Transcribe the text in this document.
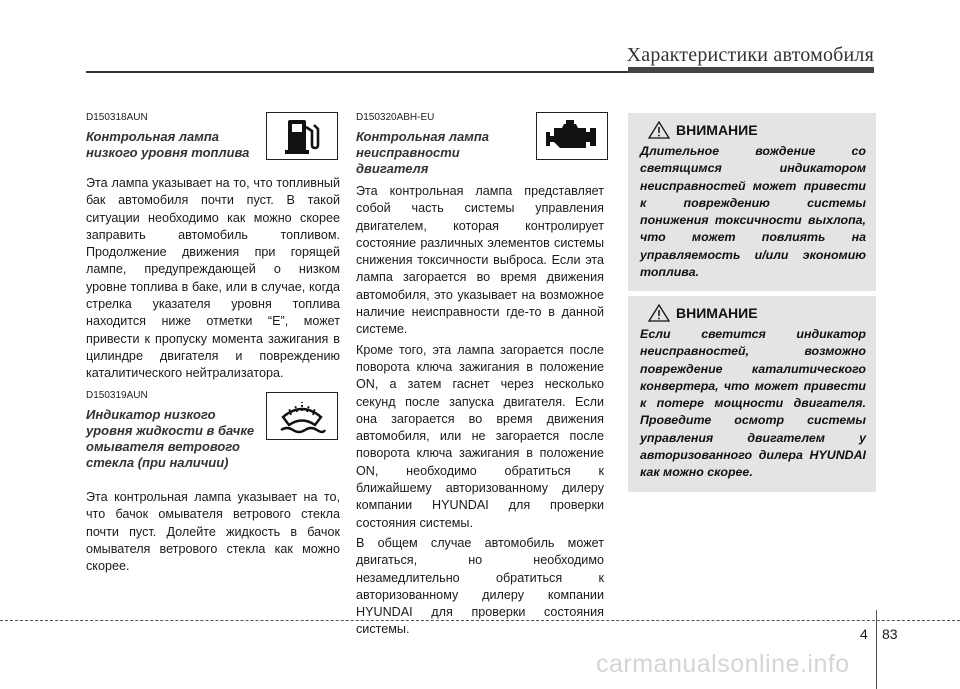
Характеристики автомобиля

D150318AUN

Контрольная лампа

низкого уровня топлива

Эта лампа указывает на то, что топливный бак автомобиля почти пуст. В такой ситуации необходимо как можно скорее заправить автомобиль топливом. Продолжение движения при горящей лампе, предупреждающей о низком уровне топлива в баке, или в случае, когда стрелка указателя уровня топлива находится ниже отметки “E”, может привести к пропуску момента зажигания в цилиндре двигателя и повреждению каталитического нейтрализатора.

D150319AUN

Индикатор низкого

уровня жидкости в бачке

омывателя ветрового

стекла (при наличии)

Эта контрольная лампа указывает на то, что бачок омывателя ветрового стекла почти пуст. Долейте жидкость в бачок омывателя ветрового стекла как можно скорее.

D150320ABH-EU

Контрольная лампа

неисправности

двигателя

Эта контрольная лампа представляет собой часть системы управления двигателем, которая контролирует состояние различных элементов системы снижения токсичности выброса. Если эта лампа загорается во время движения автомобиля, это указывает на возможное наличие неисправности где-то в данной системе.

Кроме того, эта лампа загорается после поворота ключа зажигания в положение ON, а затем гаснет через несколько секунд после запуска двигателя. Если она загорается во время движения автомобиля, или не загорается после поворота ключа зажигания в положение ON, необходимо обратиться к ближайшему авторизованному дилеру компании HYUNDAI для проверки состояния системы.

В общем случае автомобиль может двигаться, но необходимо незамедлительно обратиться к авторизованному дилеру компании HYUNDAI для проверки состояния системы.

ВНИМАНИЕ

Длительное вождение со светящимся индикатором неисправностей может привести к повреждению системы понижения токсичности выхлопа, что может повлиять на управляемость и/или экономию топлива.

ВНИМАНИЕ

Если светится индикатор неисправностей, возможно повреждение каталитического конвертера, что может привести к потере мощности двигателя. Проведите осмотр системы управления двигателем у авторизованного дилера HYUNDAI как можно скорее.

4 83
carmanualsonline.info
